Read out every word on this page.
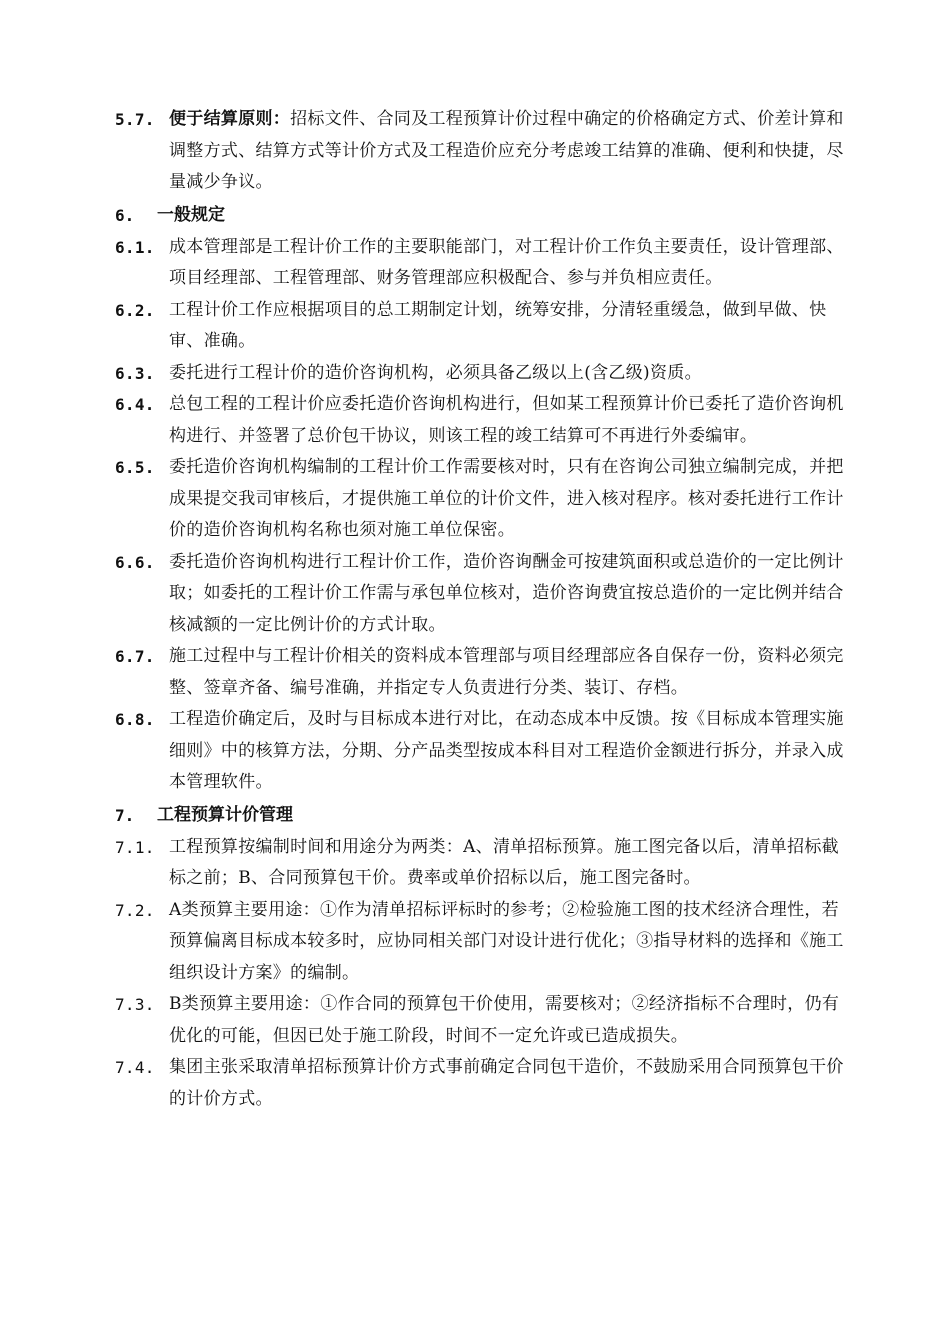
5.7. 便于结算原则：招标文件、合同及工程预算计价过程中确定的价格确定方式、价差计算和调整方式、结算方式等计价方式及工程造价应充分考虑竣工结算的准确、便利和快捷，尽量减少争议。
6. 一般规定
6.1. 成本管理部是工程计价工作的主要职能部门，对工程计价工作负主要责任，设计管理部、项目经理部、工程管理部、财务管理部应积极配合、参与并负相应责任。
6.2. 工程计价工作应根据项目的总工期制定计划，统筹安排，分清轻重缓急，做到早做、快审、准确。
6.3. 委托进行工程计价的造价咨询机构，必须具备乙级以上(含乙级)资质。
6.4. 总包工程的工程计价应委托造价咨询机构进行，但如某工程预算计价已委托了造价咨询机构进行、并签署了总价包干协议，则该工程的竣工结算可不再进行外委编审。
6.5. 委托造价咨询机构编制的工程计价工作需要核对时，只有在咨询公司独立编制完成，并把成果提交我司审核后，才提供施工单位的计价文件，进入核对程序。核对委托进行工作计价的造价咨询机构名称也须对施工单位保密。
6.6. 委托造价咨询机构进行工程计价工作，造价咨询酬金可按建筑面积或总造价的一定比例计取；如委托的工程计价工作需与承包单位核对，造价咨询费宜按总造价的一定比例并结合核减额的一定比例计价的方式计取。
6.7. 施工过程中与工程计价相关的资料成本管理部与项目经理部应各自保存一份，资料必须完整、签章齐备、编号准确，并指定专人负责进行分类、装订、存档。
6.8. 工程造价确定后，及时与目标成本进行对比，在动态成本中反馈。按《目标成本管理实施细则》中的核算方法，分期、分产品类型按成本科目对工程造价金额进行拆分，并录入成本管理软件。
7. 工程预算计价管理
7.1. 工程预算按编制时间和用途分为两类：A、清单招标预算。施工图完备以后，清单招标截标之前；B、合同预算包干价。费率或单价招标以后，施工图完备时。
7.2. A类预算主要用途：①作为清单招标评标时的参考；②检验施工图的技术经济合理性，若预算偏离目标成本较多时，应协同相关部门对设计进行优化；③指导材料的选择和《施工组织设计方案》的编制。
7.3. B类预算主要用途：①作合同的预算包干价使用，需要核对；②经济指标不合理时，仍有优化的可能，但因已处于施工阶段，时间不一定允许或已造成损失。
7.4. 集团主张采取清单招标预算计价方式事前确定合同包干造价，不鼓励采用合同预算包干价的计价方式。
